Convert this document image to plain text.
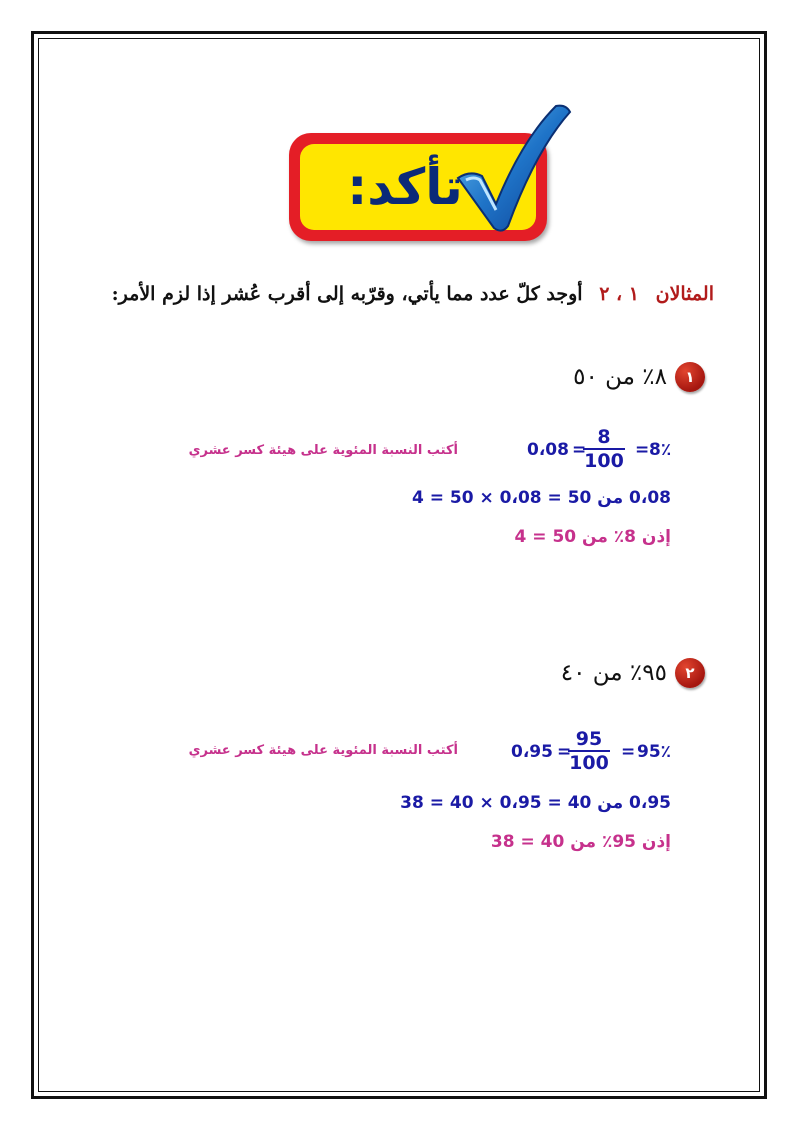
تأكد:
المثالان ١ ، ٢ أوجد كلّ عدد مما يأتي، وقرّبه إلى أقرب عُشر إذا لزم الأمر:
١
٨٪ من ٥٠
0،08 =
$\frac{8}{100}$ = 8٪
أكتب النسبة المئوية على هيئة كسر عشري
0،08 من 50 = 0،08 × 50 = 4
إذن 8٪ من 50 = 4
٢
٩٥٪ من ٤٠
0،95 =
$\frac{95}{100}$ = 95٪
أكتب النسبة المئوية على هيئة كسر عشري
0،95 من 40 = 0،95 × 40 = 38
إذن 95٪ من 40 = 38
